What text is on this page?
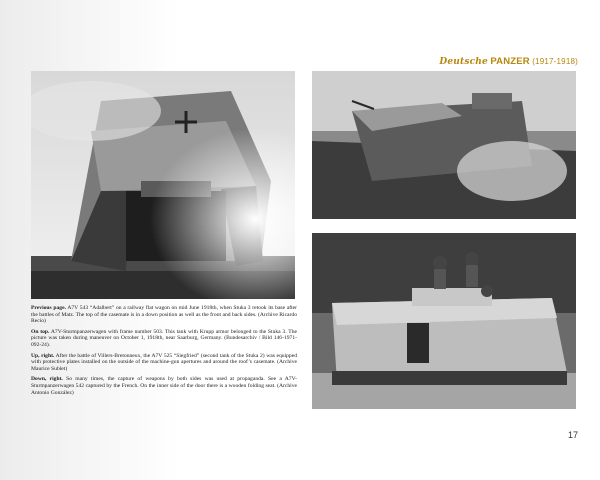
Deutsche PANZER (1917-1918)

Previous page. A7V 543 “Adalbert” on a railway flat wagon on mid June 1918th, when Stuka 3 retook its base after the battles of Matz. The top of the casemate is in a down position as well as the front and back sides. (Archive Ricardo Recio)

On top. A7V-Sturmpanzerwagen with frame number 503. This tank with Krupp armor belonged to the Stuka 3. The picture was taken during maneuver on October 1, 1918th, near Saarburg, Germany. (Bundesarchiv / Bild 146-1971-092-24).

Up, right. After the battle of Villers-Bretonneux, the A7V 525 “Siegfried” (second tank of the Stuka 2) was equipped with protective plates installed on the outside of the machine-gun apertures and around the roof’s casemate. (Archive Maurice Sublet)

Down, right. So many times, the capture of weapons by both sides was used at propaganda. See a A7V-Sturmpanzerwagen 542 captured by the French. On the inner side of the door there is a wooden folding seat. (Archive Antonio González)

17
